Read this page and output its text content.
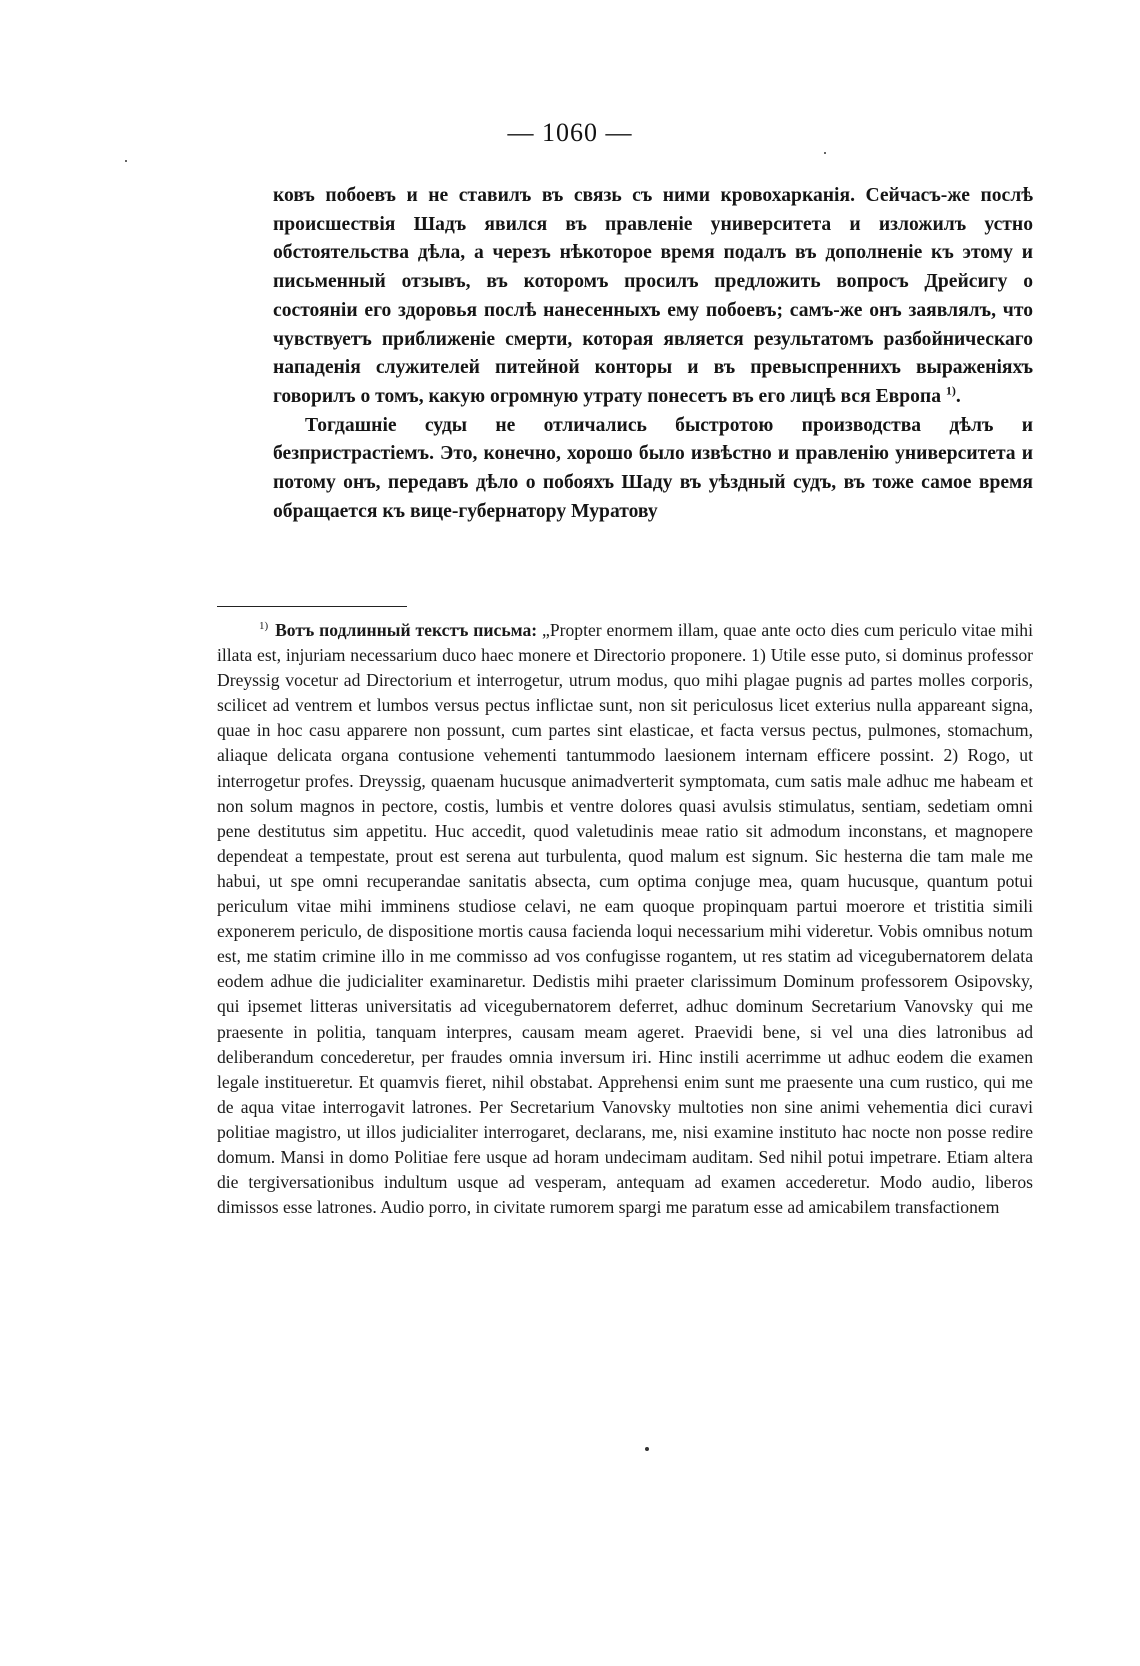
— 1060 —

ковъ побоевъ и не ставилъ въ связь съ ними кровохарканія. Сейчасъ-же послѣ происшествія Шадъ явился въ правленіе университета и изложилъ устно обстоятельства дѣла, а черезъ нѣкоторое время подалъ въ дополненіе къ этому и письменный отзывъ, въ которомъ просилъ предложить вопросъ Дрейсигу о состояніи его здоровья послѣ нанесенныхъ ему побоевъ; самъ-же онъ заявлялъ, что чувствуетъ приближеніе смерти, которая является результатомъ разбойническаго нападенія служителей питейной конторы и въ превыспреннихъ выраженіяхъ говорилъ о томъ, какую огромную утрату понесетъ въ его лицѣ вся Европа $^{1)}$.

Тогдашніе суды не отличались быстротою производства дѣлъ и безпристрастіемъ. Это, конечно, хорошо было извѣстно и правленію университета и потому онъ, передавъ дѣло о побояхъ Шаду въ уѣздный судъ, въ тоже самое время обращается къ вице-губернатору Муратову

$^{1)}$ Вотъ подлинный текстъ письма: „Propter enormem illam, quae ante octo dies cum periculo vitae mihi illata est, injuriam necessarium duco haec monere et Directorio proponere. 1) Utile esse puto, si dominus professor Dreyssig vocetur ad Directorium et interrogetur, utrum modus, quo mihi plagae pugnis ad partes molles corporis, scilicet ad ventrem et lumbos versus pectus inflictae sunt, non sit periculosus licet exterius nulla appareant signa, quae in hoc casu apparere non possunt, cum partes sint elasticae, et facta versus pectus, pulmones, stomachum, aliaque delicata organa contusione vehementi tantummodo laesionem internam efficere possint. 2) Rogo, ut interrogetur profes. Dreyssig, quaenam hucusque animadverterit symptomata, cum satis male adhuc me habeam et non solum magnos in pectore, costis, lumbis et ventre dolores quasi avulsis stimulatus, sentiam, sedetiam omni pene destitutus sim appetitu. Huc accedit, quod valetudinis meae ratio sit admodum inconstans, et magnopere dependeat a tempestate, prout est serena aut turbulenta, quod malum est signum. Sic hesterna die tam male me habui, ut spe omni recuperandae sanitatis absecta, cum optima conjuge mea, quam hucusque, quantum potui periculum vitae mihi imminens studiose celavi, ne eam quoque propinquam partui moerore et tristitia simili exponerem periculo, de dispositione mortis causa facienda loqui necessarium mihi videretur. Vobis omnibus notum est, me statim crimine illo in me commisso ad vos confugisse rogantem, ut res statim ad vicegubernatorem delata eodem adhue die judicialiter examinaretur. Dedistis mihi praeter clarissimum Dominum professorem Osipovsky, qui ipsemet litteras universitatis ad vicegubernatorem deferret, adhuc dominum Secretarium Vanovsky qui me praesente in politia, tanquam interpres, causam meam ageret. Praevidi bene, si vel una dies latronibus ad deliberandum concederetur, per fraudes omnia inversum iri. Hinc instili acerrimme ut adhuc eodem die examen legale institueretur. Et quamvis fieret, nihil obstabat. Apprehensi enim sunt me praesente una cum rustico, qui me de aqua vitae interrogavit latrones. Per Secretarium Vanovsky multoties non sine animi vehementia dici curavi politiae magistro, ut illos judicialiter interrogaret, declarans, me, nisi examine instituto hac nocte non posse redire domum. Mansi in domo Politiae fere usque ad horam undecimam auditam. Sed nihil potui impetrare. Etiam altera die tergiversationibus indultum usque ad vesperam, antequam ad examen accederetur. Modo audio, liberos dimissos esse latrones. Audio porro, in civitate rumorem spargi me paratum esse ad amicabilem transfactionem
